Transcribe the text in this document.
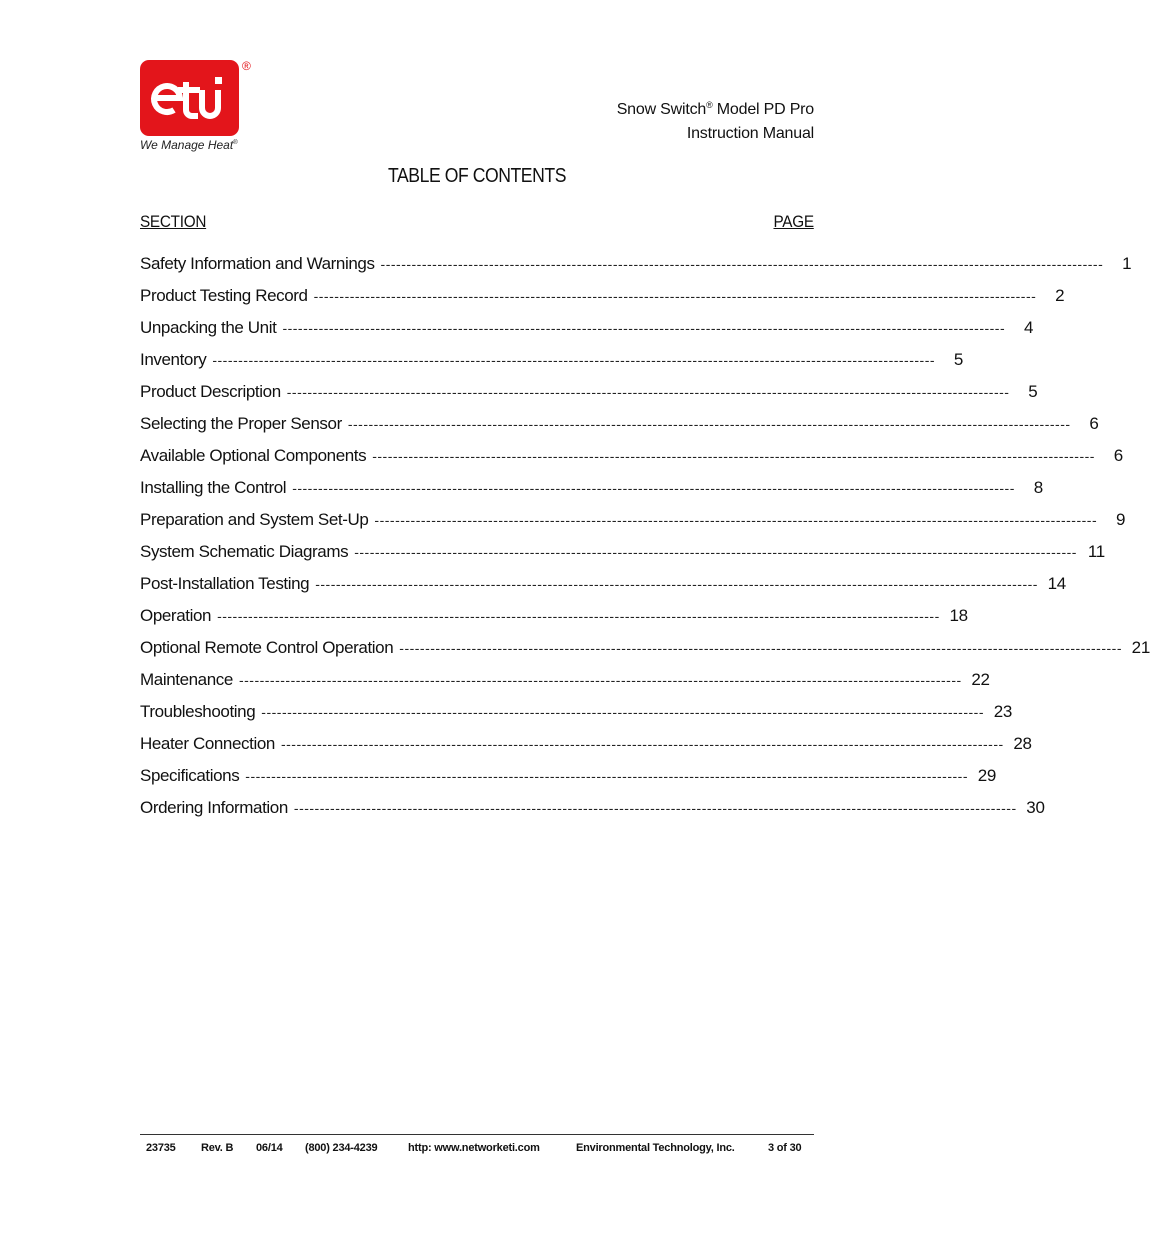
®
We Manage Heat®
Snow Switch® Model PD Pro
Instruction Manual
TABLE OF CONTENTS
SECTION	PAGE
Safety Information and Warnings --------------------------------------------------------------------------------------------------------------------------------------------	1
Product Testing Record --------------------------------------------------------------------------------------------------------------------------------------------	2
Unpacking the Unit --------------------------------------------------------------------------------------------------------------------------------------------	4
Inventory --------------------------------------------------------------------------------------------------------------------------------------------	5
Product Description --------------------------------------------------------------------------------------------------------------------------------------------	5
Selecting the Proper Sensor --------------------------------------------------------------------------------------------------------------------------------------------	6
Available Optional Components --------------------------------------------------------------------------------------------------------------------------------------------	6
Installing the Control --------------------------------------------------------------------------------------------------------------------------------------------	8
Preparation and System Set-Up --------------------------------------------------------------------------------------------------------------------------------------------	9
System Schematic Diagrams -------------------------------------------------------------------------------------------------------------------------------------------- 11
Post-Installation Testing -------------------------------------------------------------------------------------------------------------------------------------------- 14
Operation -------------------------------------------------------------------------------------------------------------------------------------------- 18
Optional Remote Control Operation -------------------------------------------------------------------------------------------------------------------------------------------- 21
Maintenance -------------------------------------------------------------------------------------------------------------------------------------------- 22
Troubleshooting -------------------------------------------------------------------------------------------------------------------------------------------- 23
Heater Connection -------------------------------------------------------------------------------------------------------------------------------------------- 28
Specifications -------------------------------------------------------------------------------------------------------------------------------------------- 29
Ordering Information -------------------------------------------------------------------------------------------------------------------------------------------- 30
23735 Rev. B 06/14 (800) 234-4239	http: www.networketi.com	Environmental Technology, Inc.	3 of 30
